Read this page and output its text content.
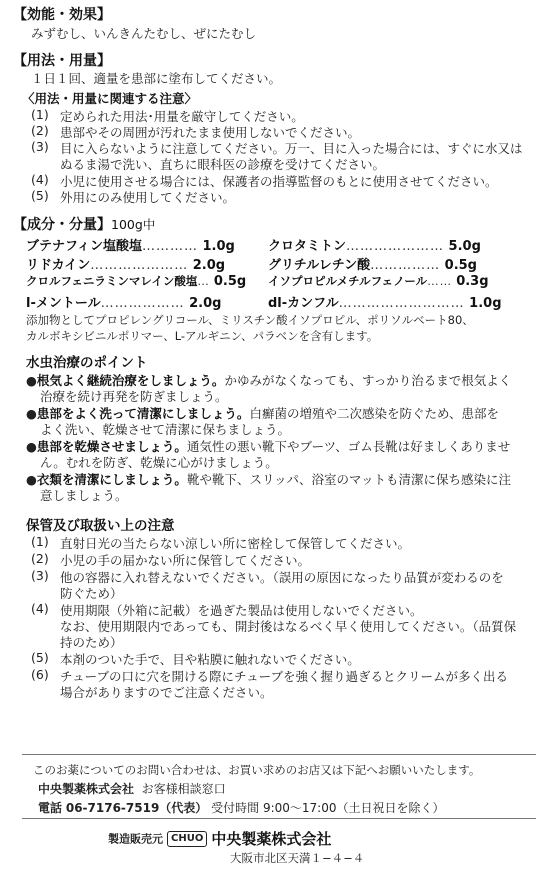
【効能・効果】
みずむし、いんきんたむし、ぜにたむし
【用法・用量】
１日１回、適量を患部に塗布してください。
〈用法・用量に関連する注意〉
(1) 定められた用法･用量を厳守してください。
(2) 患部やその周囲が汚れたまま使用しないでください。
(3) 目に入らないように注意してください。万一、目に入った場合には、すぐに水又は
ぬるま湯で洗い、直ちに眼科医の診療を受けてください。
(4) 小児に使用させる場合には、保護者の指導監督のもとに使用させてください。
(5) 外用にのみ使用してください。
【成分・分量】100g中
ブテナフィン塩酸塩………… 1.0g	クロタミトン………………… 5.0g
リドカイン………………… 2.0g	グリチルレチン酸…………… 0.5g
クロルフェニラミンマレイン酸塩… 0.5g イソプロピルメチルフェノール…… 0.3g
l-メントール……………… 2.0g	dl-カンフル……………………… 1.0g
添加物としてプロピレングリコール、ミリスチン酸イソプロピル、ポリソルベート80、
カルボキシビニルポリマー、L-アルギニン、パラベンを含有します。
水虫治療のポイント
●根気よく継続治療をしましょう。かゆみがなくなっても、すっかり治るまで根気よく
治療を続け再発を防ぎましょう。
●患部をよく洗って清潔にしましょう。白癬菌の増殖や二次感染を防ぐため、患部を
よく洗い、乾燥させて清潔に保ちましょう。
●患部を乾燥させましょう。通気性の悪い靴下やブーツ、ゴム長靴は好ましくありませ
ん。むれを防ぎ、乾燥に心がけましょう。
●衣類を清潔にしましょう。靴や靴下、スリッパ、浴室のマットも清潔に保ち感染に注
意しましょう。
保管及び取扱い上の注意
(1) 直射日光の当たらない涼しい所に密栓して保管してください。
(2) 小児の手の届かない所に保管してください。
(3) 他の容器に入れ替えないでください。（誤用の原因になったり品質が変わるのを
防ぐため）
(4) 使用期限（外箱に記載）を過ぎた製品は使用しないでください。
なお、使用期限内であっても、開封後はなるべく早く使用してください。（品質保
持のため）
(5) 本剤のついた手で、目や粘膜に触れないでください。
(6) チューブの口に穴を開ける際にチューブを強く握り過ぎるとクリームが多く出る
場合がありますのでご注意ください。
このお薬についてのお問い合わせは、お買い求めのお店又は下記へお願いいたします。
中央製薬株式会社 お客様相談窓口
電話 06-7176-7519（代表） 受付時間 9:00〜17:00（土日祝日を除く）
製造販売元 CHUO 中央製薬株式会社
大阪市北区天満１−４−４
